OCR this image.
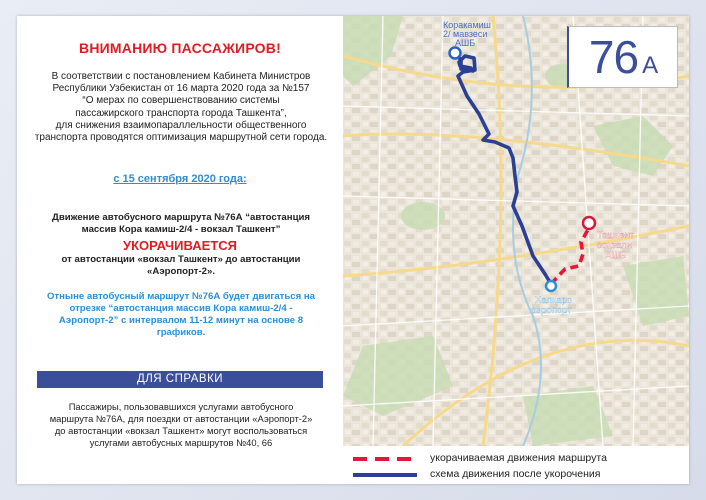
ВНИМАНИЮ ПАССАЖИРОВ!
В соответствии с постановлением Кабинета Министров
Республики Узбекистан от 16 марта 2020 года за №157
“О мерах по совершенствованию системы
пассажирского транспорта города Ташкента”,
для снижения взаимопараллельности общественного
транспорта проводятся оптимизация маршрутной сети города.
с 15 сентября 2020 года:
Движение автобусного маршрута №76А “автостанция
массив Кора камиш-2/4 - вокзал Ташкент”
УКОРАЧИВАЕТСЯ
от автостанции «вокзал Ташкент» до автостанции
«Аэропорт-2».
Отныне автобусный маршрут №76А будет двигаться на
отрезке “автостанция массив Кора камиш-2/4 -
Аэропорт-2” с интервалом 11-12 минут на основе 8
графиков.
ДЛЯ СПРАВКИ
Пассажиры, пользовавшихся услугами автобусного
маршрута №76А, для поездки от автостанции «Аэропорт-2»
до автостанции «вокзал Ташкент» могут воспользоваться
услугами автобусных маршрутов №40, 66
Коракамиш
2/ мавзеси
АШБ
Тошкент
вокзали
АШБ
Халқаро
аэропорт
76 А
укорачиваемая движения маршрута
схема движения после укорочения
